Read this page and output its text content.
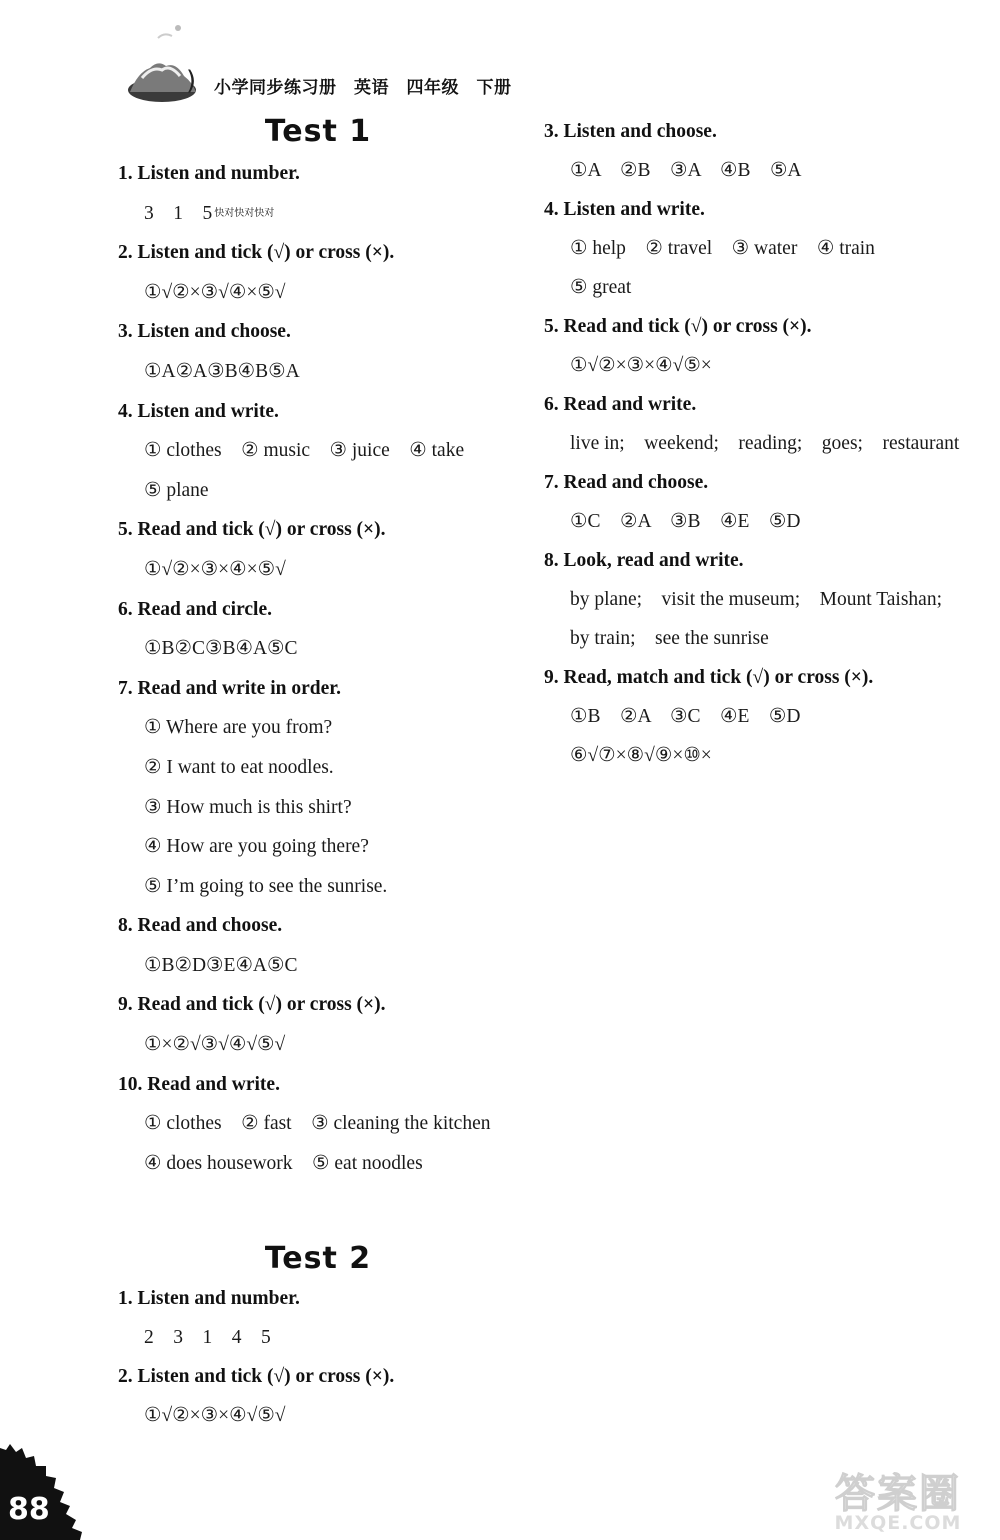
) 小学同步练习册　英语　四年级　下册
Test 1
1. Listen and number.
3　1　5 快对快对快对
2. Listen and tick (√) or cross (×).
①√②×③√④×⑤√
3. Listen and choose.
①A②A③B④B⑤A
4. Listen and write.
① clothes　② music　③ juice　④ take
⑤ plane
5. Read and tick (√) or cross (×).
①√②×③×④×⑤√
6. Read and circle.
①B②C③B④A⑤C
7. Read and write in order.
① Where are you from?
② I want to eat noodles.
③ How much is this shirt?
④ How are you going there?
⑤ I’m going to see the sunrise.
8. Read and choose.
①B②D③E④A⑤C
9. Read and tick (√) or cross (×).
①×②√③√④√⑤√
10. Read and write.
① clothes　② fast　③ cleaning the kitchen
④ does housework　⑤ eat noodles
Test 2
1. Listen and number.
2　3　1　4　5
2. Listen and tick (√) or cross (×).
①√②×③×④√⑤√
3. Listen and choose.
①A　②B　③A　④B　⑤A
4. Listen and write.
① help　② travel　③ water　④ train
⑤ great
5. Read and tick (√) or cross (×).
①√②×③×④√⑤×
6. Read and write.
live in;　weekend;　reading;　goes;　restaurant
7. Read and choose.
①C　②A　③B　④E　⑤D
8. Look, read and write.
by plane;　visit the museum;　Mount Taishan;
by train;　see the sunrise
9. Read, match and tick (√) or cross (×).
①B　②A　③C　④E　⑤D
⑥√⑦×⑧√⑨×⑩×
88	答案圈
MXQE.COM
